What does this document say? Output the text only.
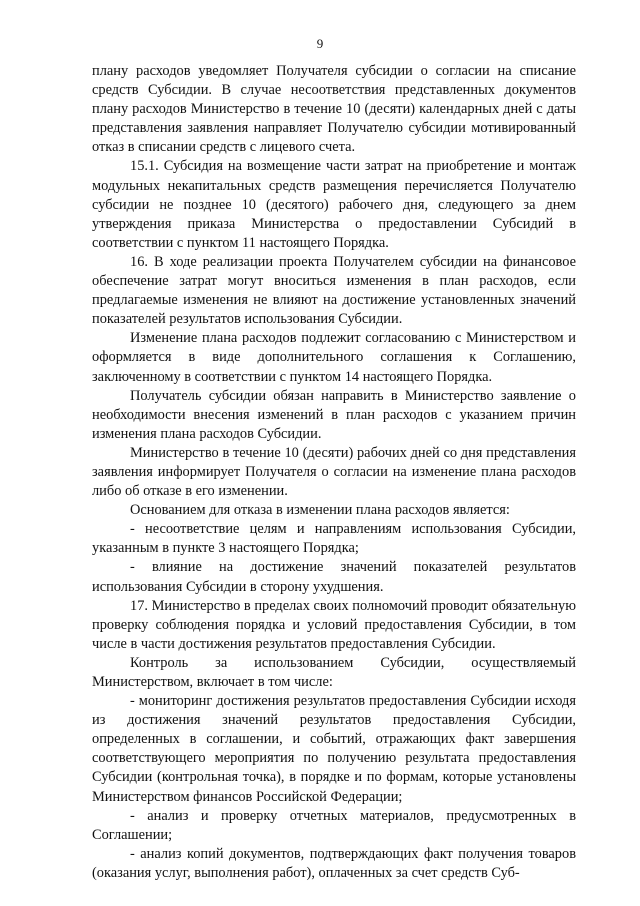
9

плану расходов уведомляет Получателя субсидии о согласии на списание средств Субсидии. В случае несоответствия представленных документов плану расходов Министерство в течение 10 (десяти) календарных дней с даты представления заявления направляет Получателю субсидии мотивированный отказ в списании средств с лицевого счета.

15.1. Субсидия на возмещение части затрат на приобретение и монтаж модульных некапитальных средств размещения перечисляется Получателю субсидии не позднее 10 (десятого) рабочего дня, следующего за днем утверждения приказа Министерства о предоставлении Субсидий в соответствии с пунктом 11 настоящего Порядка.

16. В ходе реализации проекта Получателем субсидии на финансовое обеспечение затрат могут вноситься изменения в план расходов, если предлагаемые изменения не влияют на достижение установленных значений показателей результатов использования Субсидии.

Изменение плана расходов подлежит согласованию с Министерством и оформляется в виде дополнительного соглашения к Соглашению, заключенному в соответствии с пунктом 14 настоящего Порядка.

Получатель субсидии обязан направить в Министерство заявление о необходимости внесения изменений в план расходов с указанием причин изменения плана расходов Субсидии.

Министерство в течение 10 (десяти) рабочих дней со дня представления заявления информирует Получателя о согласии на изменение плана расходов либо об отказе в его изменении.

Основанием для отказа в изменении плана расходов является:

- несоответствие целям и направлениям использования Субсидии, указанным в пункте 3 настоящего Порядка;

- влияние на достижение значений показателей результатов использования Субсидии в сторону ухудшения.

17. Министерство в пределах своих полномочий проводит обязательную проверку соблюдения порядка и условий предоставления Субсидии, в том числе в части достижения результатов предоставления Субсидии.

Контроль за использованием Субсидии, осуществляемый Министерством, включает в том числе:

- мониторинг достижения результатов предоставления Субсидии исходя из достижения значений результатов предоставления Субсидии, определенных в соглашении, и событий, отражающих факт завершения соответствующего мероприятия по получению результата предоставления Субсидии (контрольная точка), в порядке и по формам, которые установлены Министерством финансов Российской Федерации;

- анализ и проверку отчетных материалов, предусмотренных в Соглашении;

- анализ копий документов, подтверждающих факт получения товаров (оказания услуг, выполнения работ), оплаченных за счет средств Суб-
